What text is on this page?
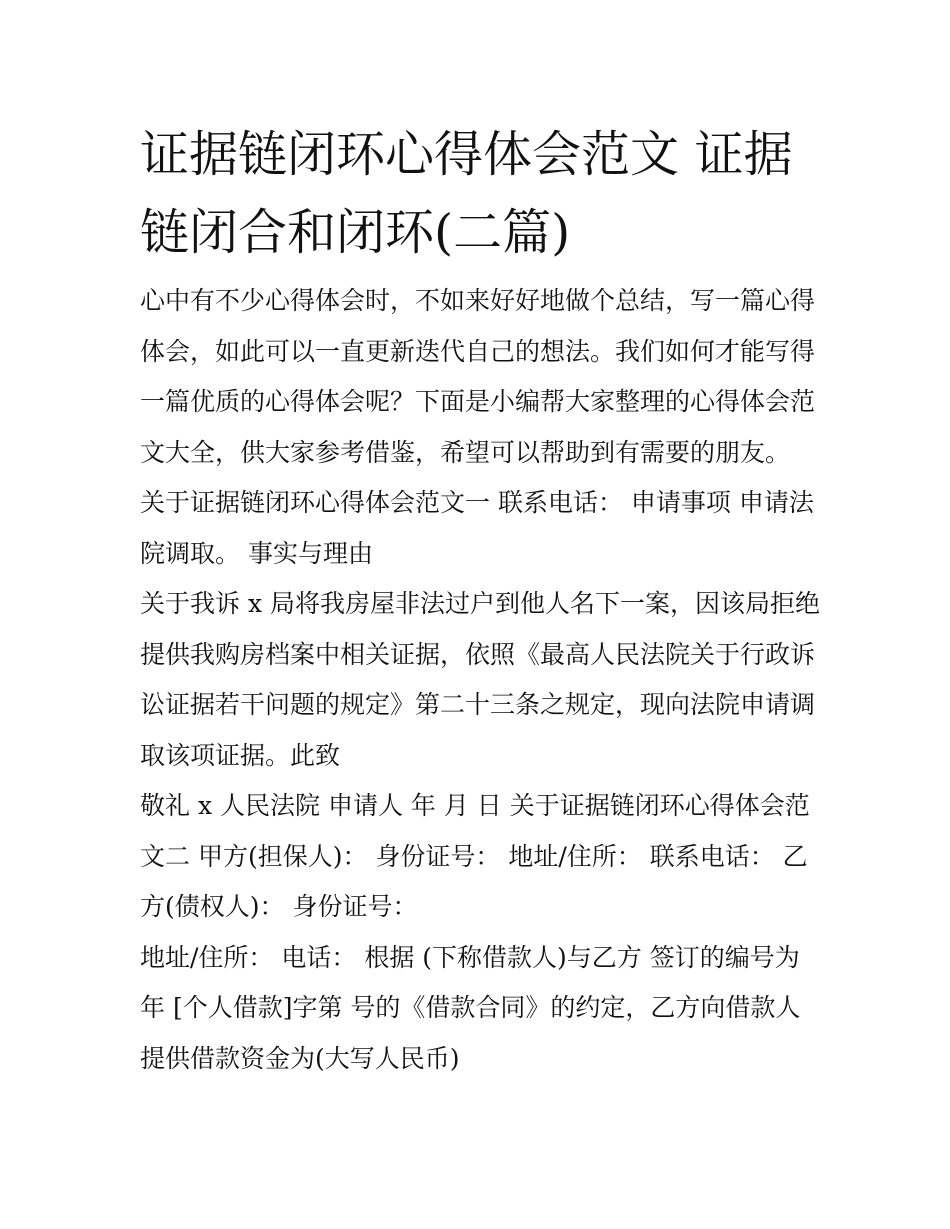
证据链闭环心得体会范文 证据
链闭合和闭环(二篇)

心中有不少心得体会时，不如来好好地做个总结，写一篇心得
体会，如此可以一直更新迭代自己的想法。我们如何才能写得
一篇优质的心得体会呢？下面是小编帮大家整理的心得体会范
文大全，供大家参考借鉴，希望可以帮助到有需要的朋友。

关于证据链闭环心得体会范文一 联系电话： 申请事项 申请法
院调取。 事实与理由

关于我诉 x 局将我房屋非法过户到他人名下一案，因该局拒绝
提供我购房档案中相关证据，依照《最高人民法院关于行政诉
讼证据若干问题的规定》第二十三条之规定，现向法院申请调
取该项证据。此致

敬礼 x 人民法院 申请人 年 月 日 关于证据链闭环心得体会范
文二 甲方(担保人)： 身份证号： 地址/住所： 联系电话： 乙
方(债权人)： 身份证号：

地址/住所： 电话： 根据 (下称借款人)与乙方 签订的编号为
年 [个人借款]字第 号的《借款合同》的约定，乙方向借款人
提供借款资金为(大写人民币)
